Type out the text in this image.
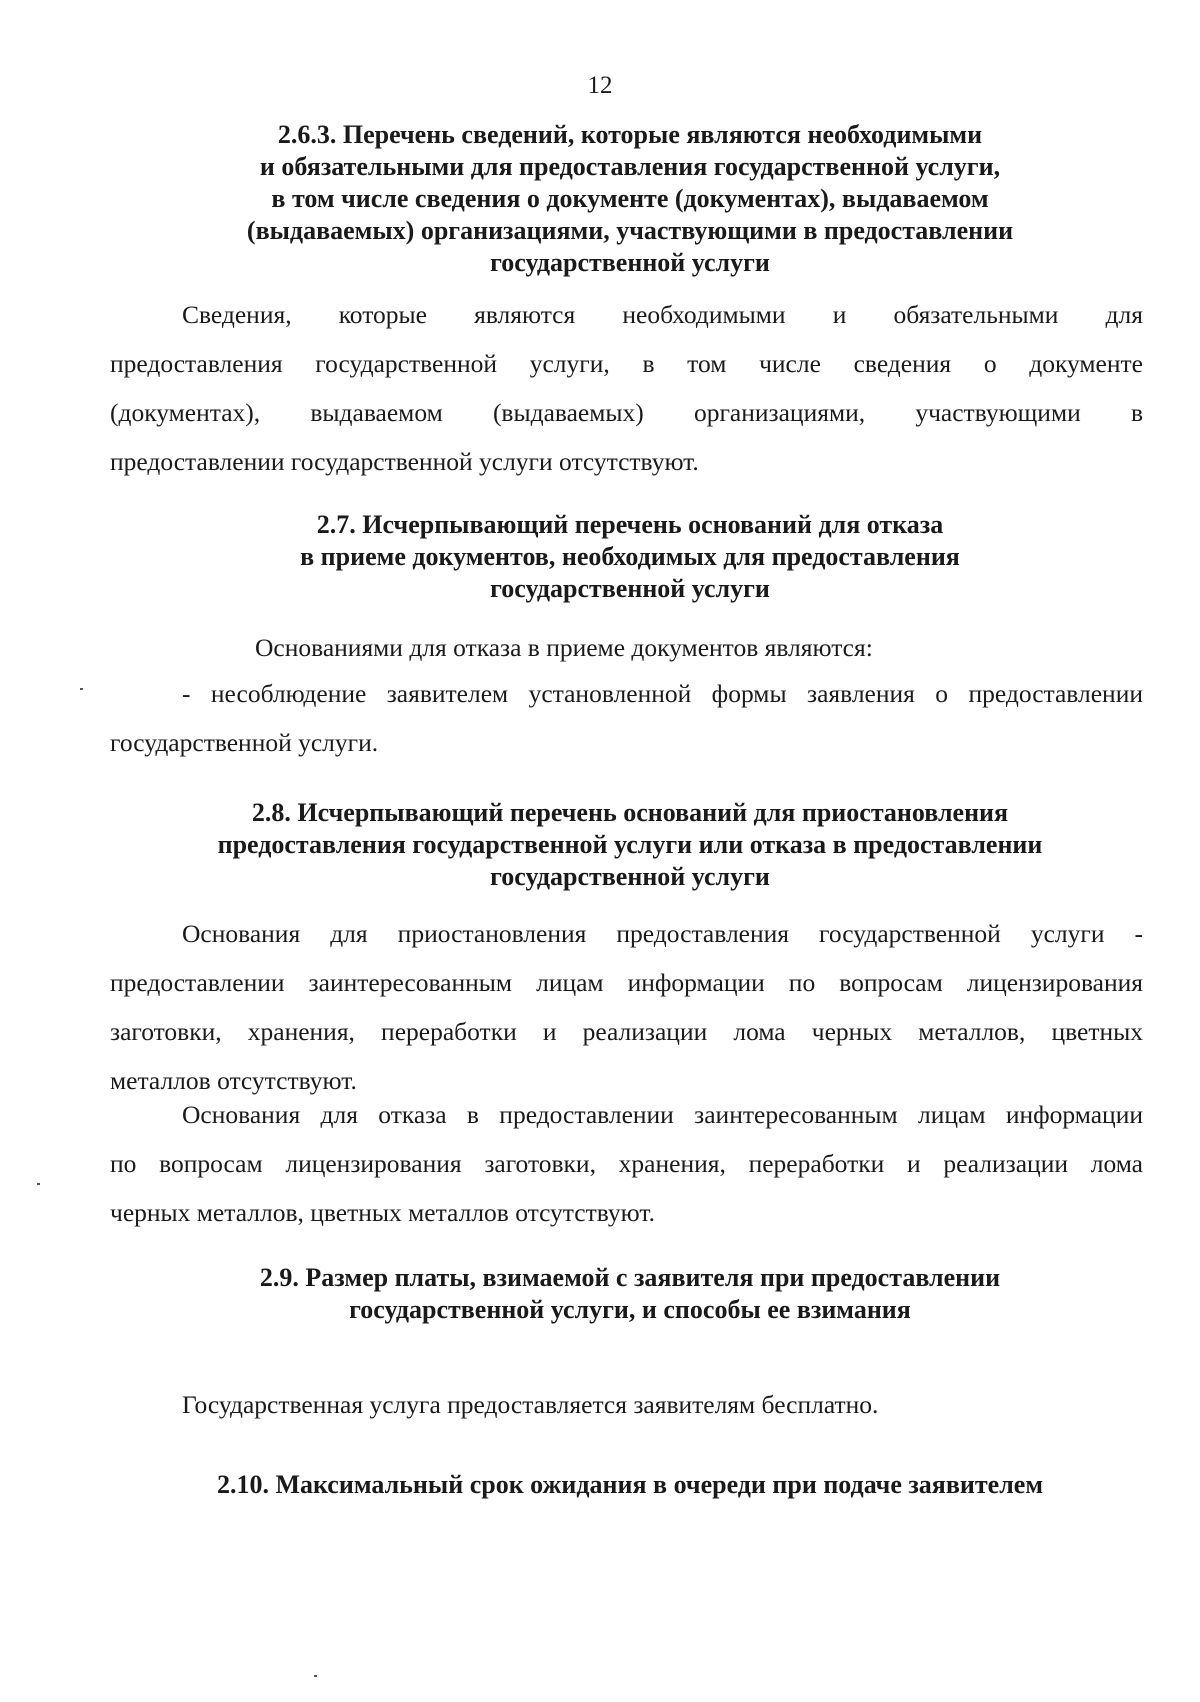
12
2.6.3. Перечень сведений, которые являются необходимыми
и обязательными для предоставления государственной услуги,
в том числе сведения о документе (документах), выдаваемом
(выдаваемых) организациями, участвующими в предоставлении
государственной услуги
Сведения, которые являются необходимыми и обязательными для
предоставления государственной услуги, в том числе сведения о документе
(документах), выдаваемом (выдаваемых) организациями, участвующими в
предоставлении государственной услуги отсутствуют.
2.7. Исчерпывающий перечень оснований для отказа
в приеме документов, необходимых для предоставления
государственной услуги
Основаниями для отказа в приеме документов являются:
- несоблюдение заявителем установленной формы заявления о предоставлении
государственной услуги.
2.8. Исчерпывающий перечень оснований для приостановления
предоставления государственной услуги или отказа в предоставлении
государственной услуги
Основания для приостановления предоставления государственной услуги -
предоставлении заинтересованным лицам информации по вопросам лицензирования
заготовки, хранения, переработки и реализации лома черных металлов, цветных
металлов отсутствуют.
Основания для отказа в предоставлении заинтересованным лицам информации
по вопросам лицензирования заготовки, хранения, переработки и реализации лома
черных металлов, цветных металлов отсутствуют.
2.9. Размер платы, взимаемой с заявителя при предоставлении
государственной услуги, и способы ее взимания
Государственная услуга предоставляется заявителям бесплатно.
2.10. Максимальный срок ожидания в очереди при подаче заявителем
